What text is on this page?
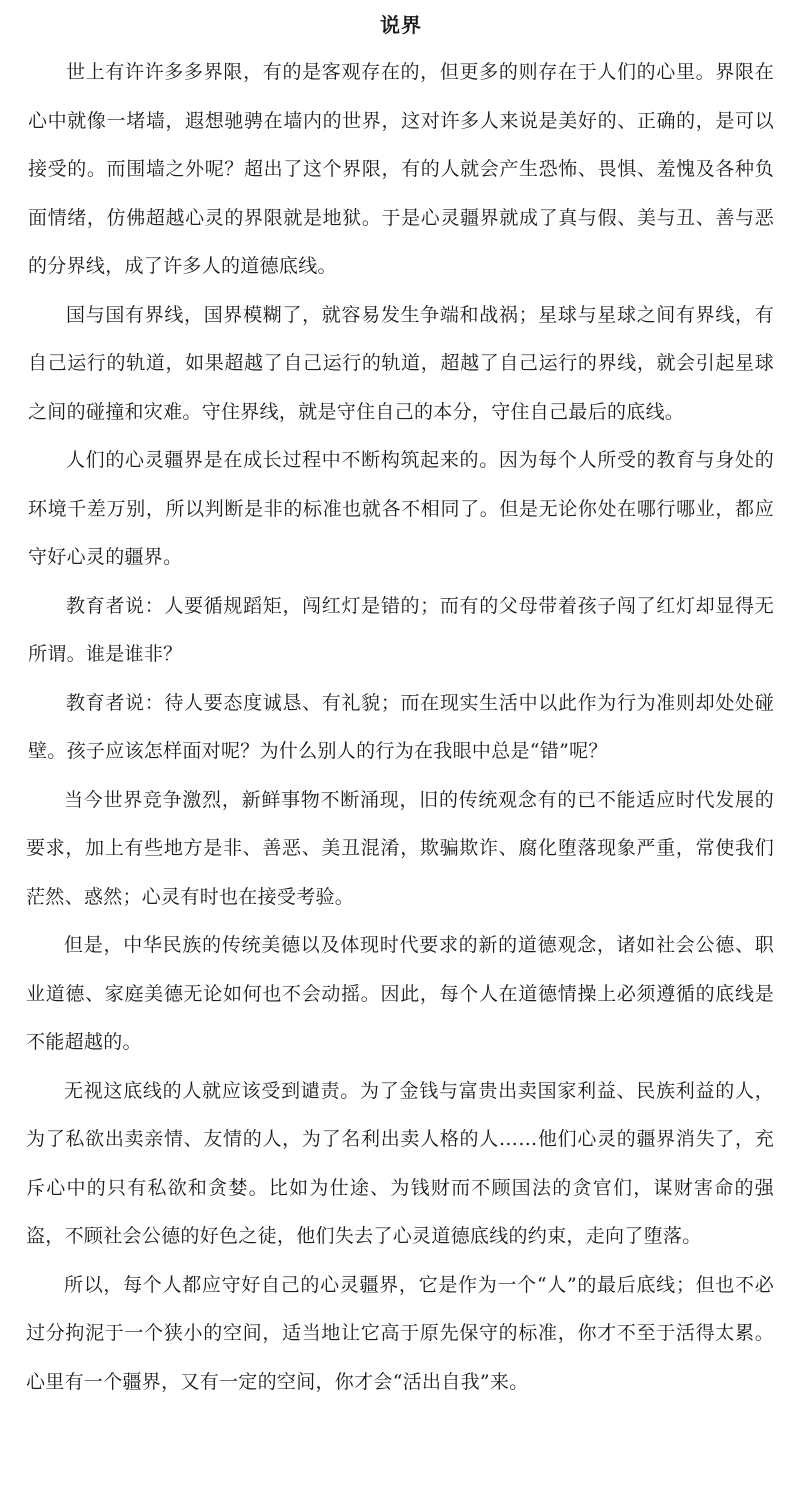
说界

世上有许许多多界限，有的是客观存在的，但更多的则存在于人们的心里。界限在心中就像一堵墙，遐想驰骋在墙内的世界，这对许多人来说是美好的、正确的，是可以接受的。而围墙之外呢？超出了这个界限，有的人就会产生恐怖、畏惧、羞愧及各种负面情绪，仿佛超越心灵的界限就是地狱。于是心灵疆界就成了真与假、美与丑、善与恶的分界线，成了许多人的道德底线。

国与国有界线，国界模糊了，就容易发生争端和战祸；星球与星球之间有界线，有自己运行的轨道，如果超越了自己运行的轨道，超越了自己运行的界线，就会引起星球之间的碰撞和灾难。守住界线，就是守住自己的本分，守住自己最后的底线。

人们的心灵疆界是在成长过程中不断构筑起来的。因为每个人所受的教育与身处的环境千差万别，所以判断是非的标准也就各不相同了。但是无论你处在哪行哪业，都应守好心灵的疆界。

教育者说：人要循规蹈矩，闯红灯是错的；而有的父母带着孩子闯了红灯却显得无所谓。谁是谁非？

教育者说：待人要态度诚恳、有礼貌；而在现实生活中以此作为行为准则却处处碰壁。孩子应该怎样面对呢？为什么别人的行为在我眼中总是“错”呢？

当今世界竞争激烈，新鲜事物不断涌现，旧的传统观念有的已不能适应时代发展的要求，加上有些地方是非、善恶、美丑混淆，欺骗欺诈、腐化堕落现象严重，常使我们茫然、惑然；心灵有时也在接受考验。

但是，中华民族的传统美德以及体现时代要求的新的道德观念，诸如社会公德、职业道德、家庭美德无论如何也不会动摇。因此，每个人在道德情操上必须遵循的底线是不能超越的。

无视这底线的人就应该受到谴责。为了金钱与富贵出卖国家利益、民族利益的人，为了私欲出卖亲情、友情的人，为了名利出卖人格的人……他们心灵的疆界消失了，充斥心中的只有私欲和贪婪。比如为仕途、为钱财而不顾国法的贪官们，谋财害命的强盗，不顾社会公德的好色之徒，他们失去了心灵道德底线的约束，走向了堕落。

所以，每个人都应守好自己的心灵疆界，它是作为一个“人”的最后底线；但也不必过分拘泥于一个狭小的空间，适当地让它高于原先保守的标准，你才不至于活得太累。心里有一个疆界，又有一定的空间，你才会“活出自我”来。
